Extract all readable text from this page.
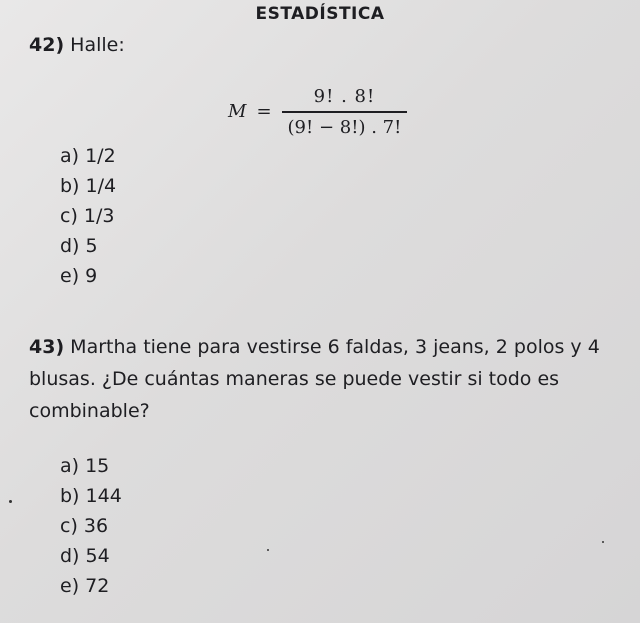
ESTADÍSTICA
42) Halle:
$M = \frac{9! . 8!}{(9! - 8!) . 7!}$
a) 1/2
b) 1/4
c) 1/3
d) 5
e) 9
43) Martha tiene para vestirse 6 faldas, 3 jeans, 2 polos y 4 blusas. ¿De cuántas maneras se puede vestir si todo es combinable?
a) 15
b) 144
c) 36
d) 54
e) 72
